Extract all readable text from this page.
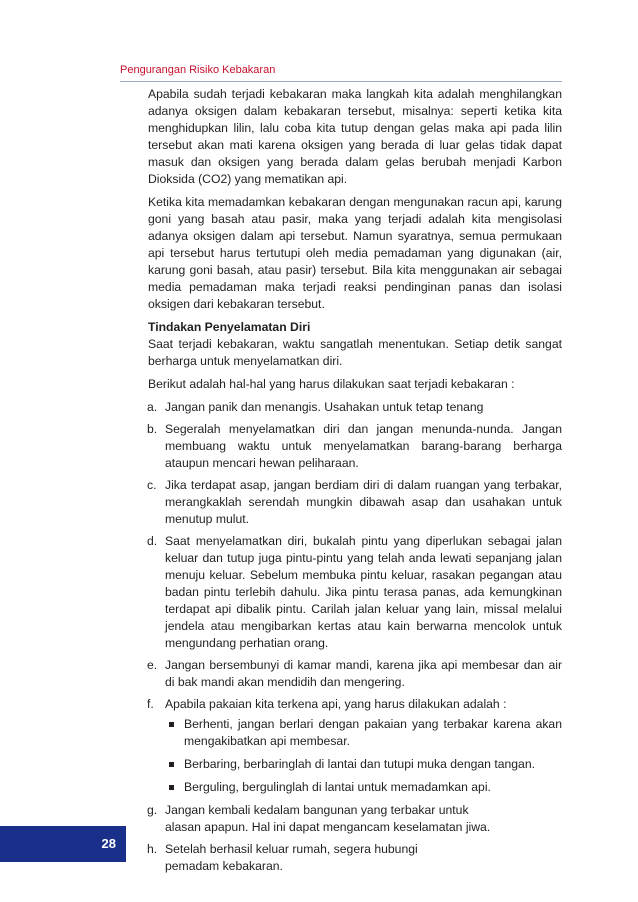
Pengurangan Risiko Kebakaran

Apabila sudah terjadi kebakaran maka langkah kita adalah menghilangkan adanya oksigen dalam kebakaran tersebut, misalnya: seperti ketika kita menghidupkan lilin, lalu coba kita tutup dengan gelas maka api pada lilin tersebut akan mati karena oksigen yang berada di luar gelas tidak dapat masuk dan oksigen yang berada dalam gelas berubah menjadi Karbon Dioksida (CO2) yang mematikan api.

Ketika kita memadamkan kebakaran dengan mengunakan racun api, karung goni yang basah atau pasir, maka yang terjadi adalah kita mengisolasi adanya oksigen dalam api tersebut. Namun syaratnya, semua permukaan api tersebut harus tertutupi oleh media pemadaman yang digunakan (air, karung goni basah, atau pasir) tersebut. Bila kita menggunakan air sebagai media pemadaman maka terjadi reaksi pendinginan panas dan isolasi oksigen dari kebakaran tersebut.

Tindakan Penyelamatan Diri

Saat terjadi kebakaran, waktu sangatlah menentukan. Setiap detik sangat berharga untuk menyelamatkan diri.

Berikut adalah hal-hal yang harus dilakukan saat terjadi kebakaran :

a. Jangan panik dan menangis. Usahakan untuk tetap tenang
b. Segeralah menyelamatkan diri dan jangan menunda-nunda. Jangan membuang waktu untuk menyelamatkan barang-barang berharga ataupun mencari hewan peliharaan.
c. Jika terdapat asap, jangan berdiam diri di dalam ruangan yang terbakar, merangkaklah serendah mungkin dibawah asap dan usahakan untuk menutup mulut.
d. Saat menyelamatkan diri, bukalah pintu yang diperlukan sebagai jalan keluar dan tutup juga pintu-pintu yang telah anda lewati sepanjang jalan menuju keluar. Sebelum membuka pintu keluar, rasakan pegangan atau badan pintu terlebih dahulu. Jika pintu terasa panas, ada kemungkinan terdapat api dibalik pintu. Carilah jalan keluar yang lain, missal melalui jendela atau mengibarkan kertas atau kain berwarna mencolok untuk mengundang perhatian orang.
e. Jangan bersembunyi di kamar mandi, karena jika api membesar dan air di bak mandi akan mendidih dan mengering.
f. Apabila pakaian kita terkena api, yang harus dilakukan adalah :
Berhenti, jangan berlari dengan pakaian yang terbakar karena akan mengakibatkan api membesar.
Berbaring, berbaringlah di lantai dan tutupi muka dengan tangan.
Berguling, bergulinglah di lantai untuk memadamkan api.
g. Jangan kembali kedalam bangunan yang terbakar untuk alasan apapun. Hal ini dapat mengancam keselamatan jiwa.
h. Setelah berhasil keluar rumah, segera hubungi pemadam kebakaran.
28
